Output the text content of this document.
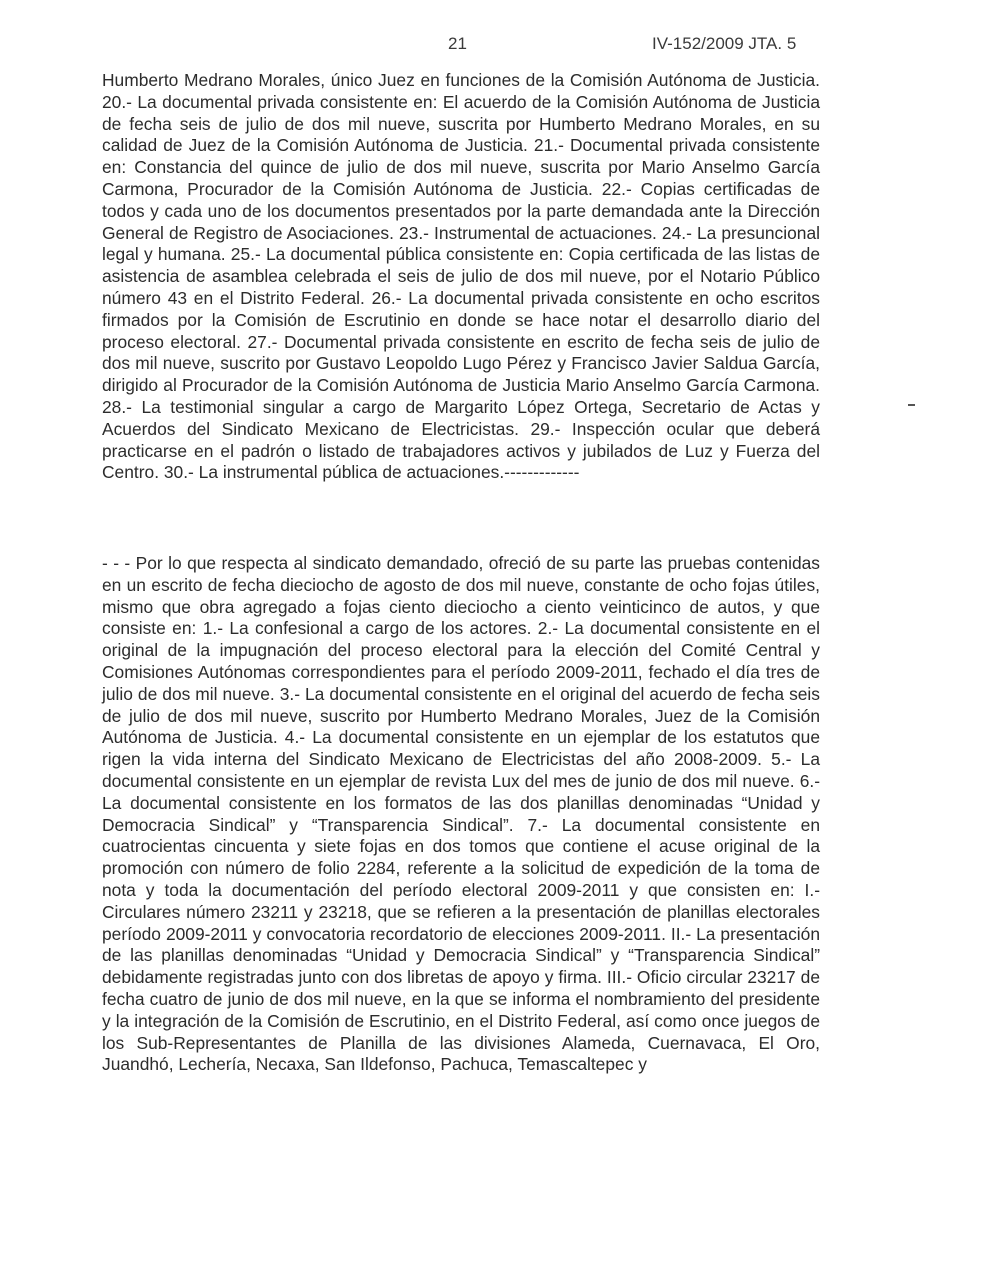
21	IV-152/2009 JTA. 5

Humberto Medrano Morales, único Juez en funciones de la Comisión Autónoma de Justicia. 20.- La documental privada consistente en: El acuerdo de la Comisión Autónoma de Justicia de fecha seis de julio de dos mil nueve, suscrita por Humberto Medrano Morales, en su calidad de Juez de la Comisión Autónoma de Justicia. 21.- Documental privada consistente en: Constancia del quince de julio de dos mil nueve, suscrita por Mario Anselmo García Carmona, Procurador de la Comisión Autónoma de Justicia. 22.- Copias certificadas de todos y cada uno de los documentos presentados por la parte demandada ante la Dirección General de Registro de Asociaciones. 23.- Instrumental de actuaciones. 24.- La presuncional legal y humana. 25.- La documental pública consistente en: Copia certificada de las listas de asistencia de asamblea celebrada el seis de julio de dos mil nueve, por el Notario Público número 43 en el Distrito Federal. 26.- La documental privada consistente en ocho escritos firmados por la Comisión de Escrutinio en donde se hace notar el desarrollo diario del proceso electoral. 27.- Documental privada consistente en escrito de fecha seis de julio de dos mil nueve, suscrito por Gustavo Leopoldo Lugo Pérez y Francisco Javier Saldua García, dirigido al Procurador de la Comisión Autónoma de Justicia Mario Anselmo García Carmona. 28.- La testimonial singular a cargo de Margarito López Ortega, Secretario de Actas y Acuerdos del Sindicato Mexicano de Electricistas. 29.- Inspección ocular que deberá practicarse en el padrón o listado de trabajadores activos y jubilados de Luz y Fuerza del Centro. 30.- La instrumental pública de actuaciones.-------------

- - - Por lo que respecta al sindicato demandado, ofreció de su parte las pruebas contenidas en un escrito de fecha dieciocho de agosto de dos mil nueve, constante de ocho fojas útiles, mismo que obra agregado a fojas ciento dieciocho a ciento veinticinco de autos, y que consiste en: 1.- La confesional a cargo de los actores. 2.- La documental consistente en el original de la impugnación del proceso electoral para la elección del Comité Central y Comisiones Autónomas correspondientes para el período 2009-2011, fechado el día tres de julio de dos mil nueve. 3.- La documental consistente en el original del acuerdo de fecha seis de julio de dos mil nueve, suscrito por Humberto Medrano Morales, Juez de la Comisión Autónoma de Justicia. 4.- La documental consistente en un ejemplar de los estatutos que rigen la vida interna del Sindicato Mexicano de Electricistas del año 2008-2009. 5.- La documental consistente en un ejemplar de revista Lux del mes de junio de dos mil nueve. 6.- La documental consistente en los formatos de las dos planillas denominadas “Unidad y Democracia Sindical” y “Transparencia Sindical”. 7.- La documental consistente en cuatrocientas cincuenta y siete fojas en dos tomos que contiene el acuse original de la promoción con número de folio 2284, referente a la solicitud de expedición de la toma de nota y toda la documentación del período electoral 2009-2011 y que consisten en: I.- Circulares número 23211 y 23218, que se refieren a la presentación de planillas electorales período 2009-2011 y convocatoria recordatorio de elecciones 2009-2011. II.- La presentación de las planillas denominadas “Unidad y Democracia Sindical” y “Transparencia Sindical” debidamente registradas junto con dos libretas de apoyo y firma. III.- Oficio circular 23217 de fecha cuatro de junio de dos mil nueve, en la que se informa el nombramiento del presidente y la integración de la Comisión de Escrutinio, en el Distrito Federal, así como once juegos de los Sub-Representantes de Planilla de las divisiones Alameda, Cuernavaca, El Oro, Juandhó, Lechería, Necaxa, San Ildefonso, Pachuca, Temascaltepec y
